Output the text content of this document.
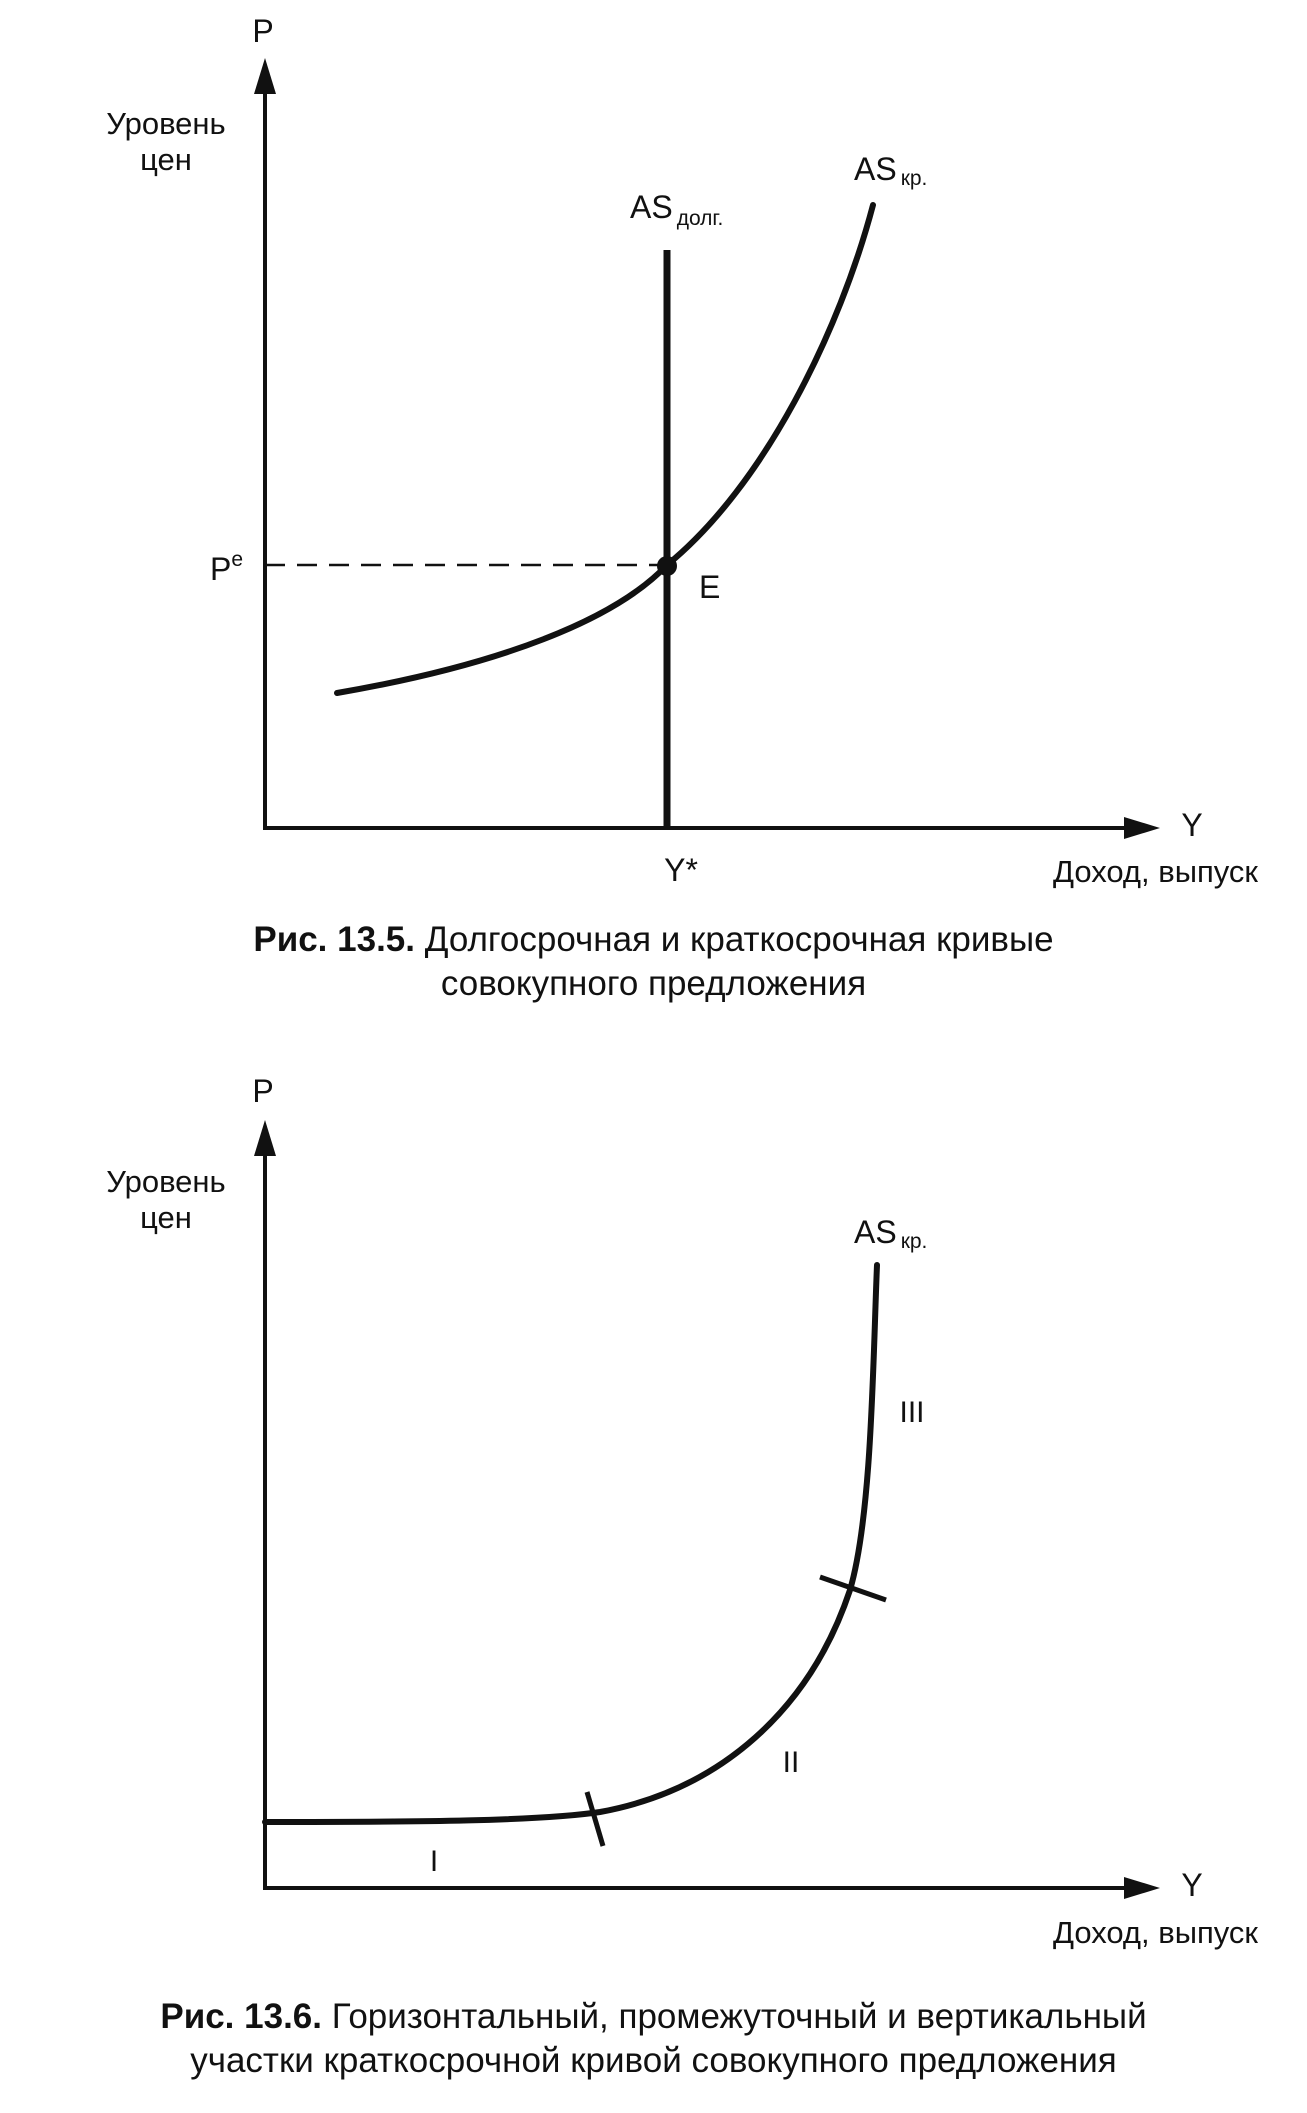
P
Y
Уровень
цен
Доход, выпуск
$P^e$
E
Y*
AS $_{долг.}$
AS кр.
Рис. 13.5. Долгосрочная и краткосрочная кривые
совокупного предложения
P
Y
Уровень
цен
Доход, выпуск
AS кр.
I
II
III
Рис. 13.6. Горизонтальный, промежуточный и вертикальный
участки краткосрочной кривой совокупного предложения
